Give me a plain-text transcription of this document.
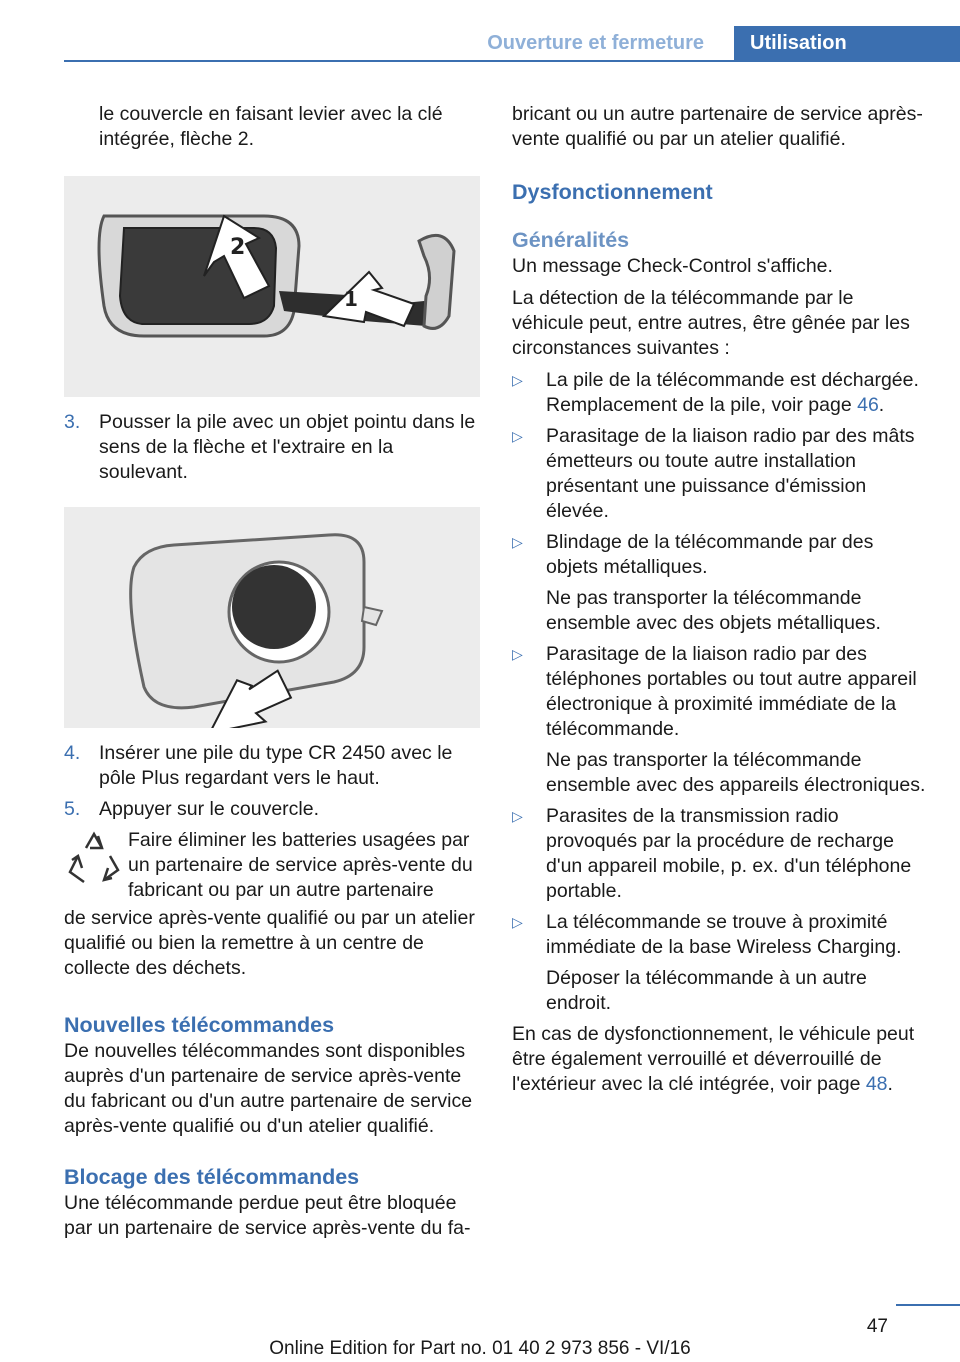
Ouverture et fermeture	Utilisation

le couvercle en faisant levier avec la clé intégrée, flèche 2.

2
1
3. Pousser la pile avec un objet pointu dans le sens de la flèche et l'extraire en la soulevant.
4. Insérer une pile du type CR 2450 avec le pôle Plus regardant vers le haut.
5. Appuyer sur le couvercle.

Faire éliminer les batteries usagées par un partenaire de service après-vente du fabricant ou par un autre partenaire

de service après-vente qualifié ou par un atelier qualifié ou bien la remettre à un centre de collecte des déchets.

Nouvelles télécommandes

De nouvelles télécommandes sont disponibles auprès d'un partenaire de service après-vente du fabricant ou d'un autre partenaire de service après-vente qualifié ou d'un atelier qualifié.

Blocage des télécommandes

Une télécommande perdue peut être bloquée par un partenaire de service après-vente du fa-

bricant ou un autre partenaire de service après-vente qualifié ou par un atelier qualifié.

Dysfonctionnement
Généralités

Un message Check-Control s'affiche.

La détection de la télécommande par le véhicule peut, entre autres, être gênée par les circonstances suivantes :

▷	La pile de la télécommande est déchargée. Remplacement de la pile, voir page 46.
▷	Parasitage de la liaison radio par des mâts émetteurs ou toute autre installation présentant une puissance d'émission élevée.
▷	Blindage de la télécommande par des objets métalliques.
Ne pas transporter la télécommande ensemble avec des objets métalliques.
▷	Parasitage de la liaison radio par des téléphones portables ou tout autre appareil électronique à proximité immédiate de la télécommande.
Ne pas transporter la télécommande ensemble avec des appareils électroniques.
▷	Parasites de la transmission radio provoqués par la procédure de recharge d'un appareil mobile, p. ex. d'un téléphone portable.
▷	La télécommande se trouve à proximité immédiate de la base Wireless Charging.
Déposer la télécommande à un autre endroit.

En cas de dysfonctionnement, le véhicule peut être également verrouillé et déverrouillé de l'extérieur avec la clé intégrée, voir page 48.

47
Online Edition for Part no. 01 40 2 973 856 - VI/16
